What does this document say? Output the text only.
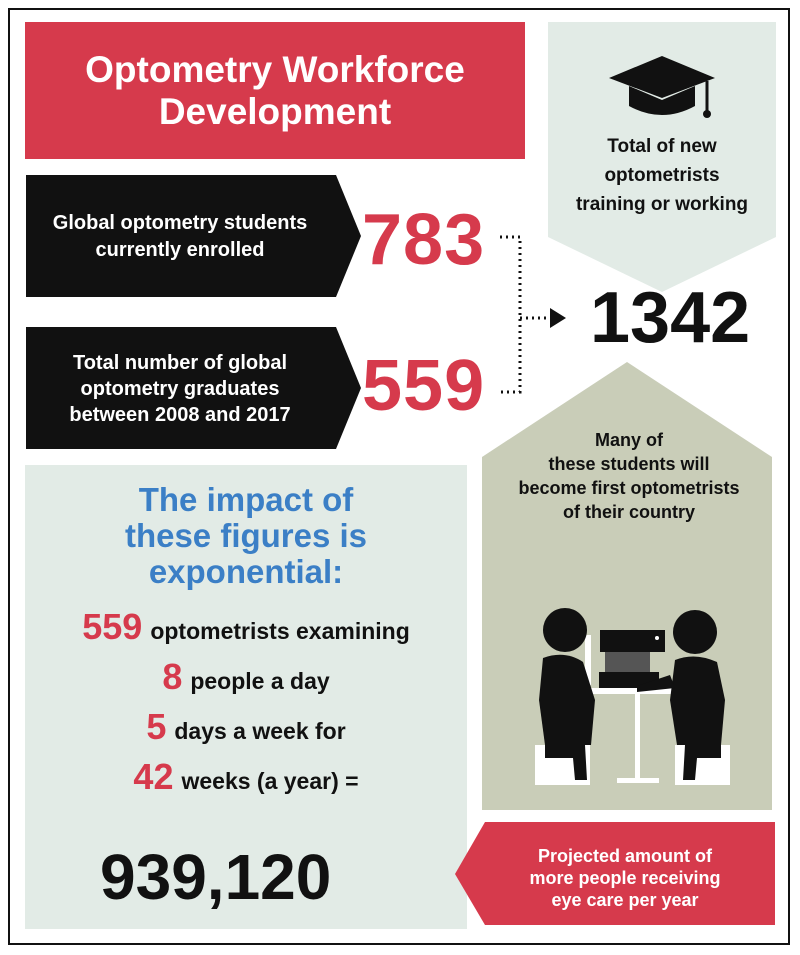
Optometry Workforce
Development
Total of new
optometrists
training or working
Global optometry students
currently enrolled	783
Total number of global
optometry graduates
between 2008 and 2017 559
1342
Many of
these students will
become first optometrists
of their country
The impact of
these figures is
exponential:
559 optometrists examining
8 people a day
5 days a week for
42 weeks (a year) =
939,120	Projected amount of
more people receiving
eye care per year
